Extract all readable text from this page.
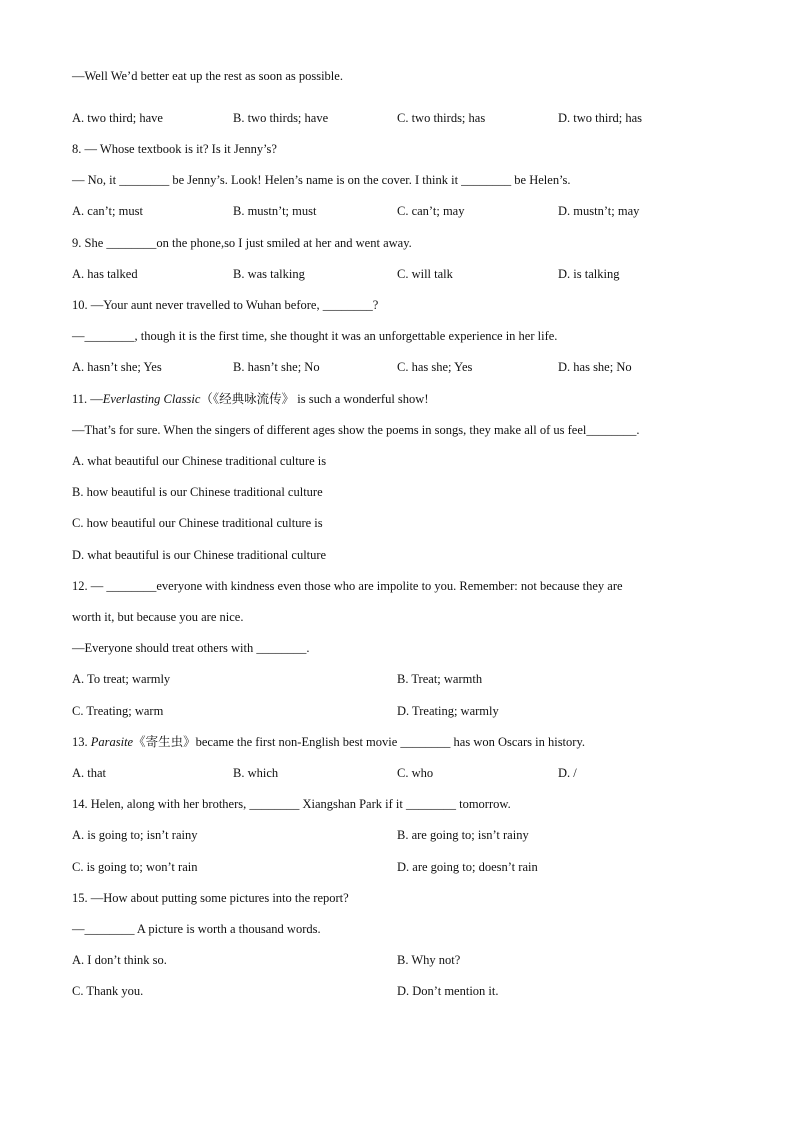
—Well We’d better eat up the rest as soon as possible.
A. two third; have	B. two thirds; have	C. two thirds; has	D. two third; has
8. — Whose textbook is it? Is it Jenny’s?
— No, it ________ be Jenny’s. Look! Helen’s name is on the cover. I think it ________ be Helen’s.
A. can’t; must	B. mustn’t; must	C. can’t; may	D. mustn’t; may
9. She ________on the phone,so I just smiled at her and went away.
A. has talked	B. was talking	C. will talk	D. is talking
10. —Your aunt never travelled to Wuhan before, ________?
—________, though it is the first time, she thought it was an unforgettable experience in her life.
A. hasn’t she; Yes	B. hasn’t she; No	C. has she; Yes	D. has she; No
11. —Everlasting Classic（《经典咏流传》 is such a wonderful show!
—That’s for sure. When the singers of different ages show the poems in songs, they make all of us feel________.
A. what beautiful our Chinese traditional culture is
B. how beautiful is our Chinese traditional culture
C. how beautiful our Chinese traditional culture is
D. what beautiful is our Chinese traditional culture
12. — ________everyone with kindness even those who are impolite to you. Remember: not because they are
worth it, but because you are nice.
—Everyone should treat others with ________.
A. To treat; warmly	B. Treat; warmth
C. Treating; warm	D. Treating; warmly
13. Parasite《寄生虫》became the first non-English best movie ________ has won Oscars in history.
A. that	B. which	C. who	D. /
14. Helen, along with her brothers, ________ Xiangshan Park if it ________ tomorrow.
A. is going to; isn’t rainy	B. are going to; isn’t rainy
C. is going to; won’t rain	D. are going to; doesn’t rain
15. —How about putting some pictures into the report?
—________ A picture is worth a thousand words.
A. I don’t think so.	B. Why not?
C. Thank you.	D. Don’t mention it.
